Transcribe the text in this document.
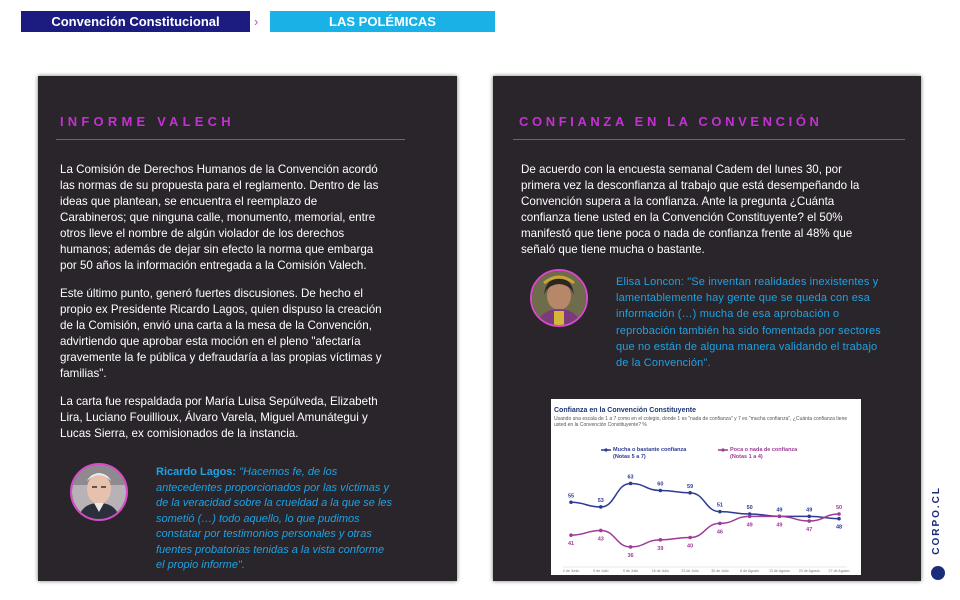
Convención Constitucional	›	LAS POLÉMICAS
INFORME VALECH

La Comisión de Derechos Humanos de la Convención acordó las normas de su propuesta para el reglamento. Dentro de las ideas que plantean, se encuentra el reemplazo de Carabineros; que ninguna calle, monumento, memorial, entre otros lleve el nombre de algún violador de los derechos humanos; además de dejar sin efecto la norma que embarga por 50 años la información entregada a la Comisión Valech.

Este último punto, generó fuertes discusiones. De hecho el propio ex Presidente Ricardo Lagos, quien dispuso la creación de la Comisión, envió una carta a la mesa de la Convención, advirtiendo que aprobar esta moción en el pleno "afectaría gravemente la fe pública y defraudaría a las propias víctimas y familias".

La carta fue respaldada por María Luisa Sepúlveda, Elizabeth Lira, Luciano Fouillioux, Álvaro Varela, Miguel Amunátegui y Lucas Sierra, ex comisionados de la instancia.

Ricardo Lagos: "Hacemos fe, de los antecedentes proporcionados por las víctimas y de la veracidad sobre la crueldad a la que se les sometió (…) todo aquello, lo que pudimos constatar por testimonios personales y otras fuentes probatorias tenidas a la vista conforme el propio informe".
CONFIANZA EN LA CONVENCIÓN
De acuerdo con la encuesta semanal Cadem del lunes 30, por primera vez la desconfianza al trabajo que está desempeñando la Convención supera a la confianza. Ante la pregunta ¿Cuánta confianza tiene usted en la Convención Constituyente? el 50% manifestó que tiene poca o nada de confianza frente al 48% que señaló que tiene mucha o bastante.
Elisa Loncon: "Se inventan realidades inexistentes y lamentablemente hay gente que se queda con esa información (…) mucha de esa aprobación o reprobación también ha sido fomentada por sectores que no están de alguna manera validando el trabajo de la Convención".
Confianza en la Convención Constituyente
Usando una escala de 1 a 7 como en el colegio, donde 1 es "nada de confianza" y 7 es "mucha confianza", ¿Cuánta confianza tiene usted en la Convención Constituyente? %
Mucha o bastante confianza
(Notas 5 a 7)
Poca o nada de confianza
(Notas 1 a 4)
55
53
63
60	59
51	50	49	49
48
41
43
36
39	40
46
49	49
47
50
2 de Junio	9 de Julio	9 de Julio	16 de Julio	23 de Julio	30 de Julio	6 de Agosto	13 de Agosto 20 de Agosto 27 de Agosto
CORPO.CL
